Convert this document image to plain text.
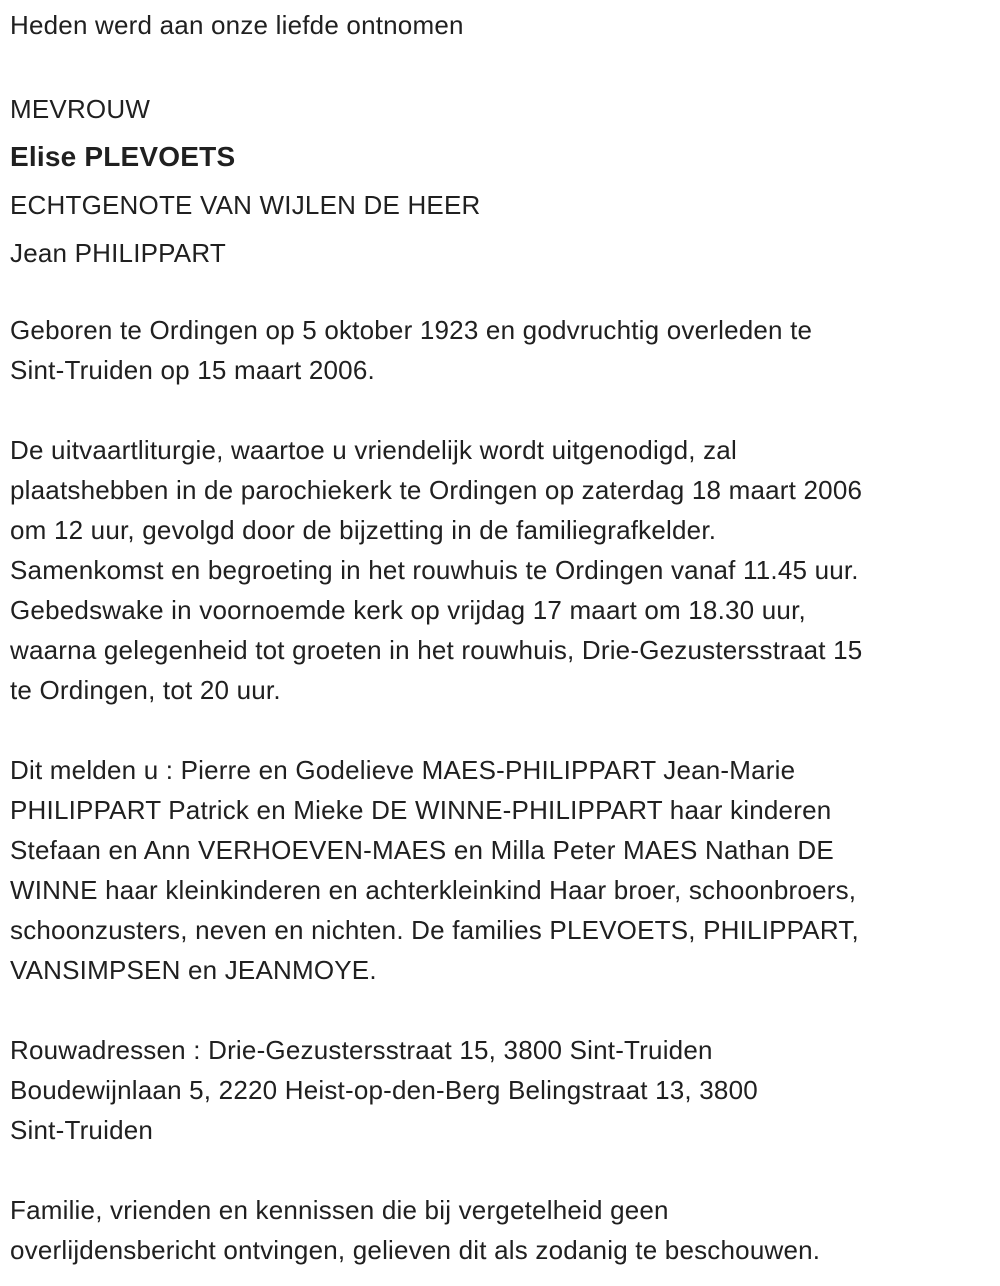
Heden werd aan onze liefde ontnomen
MEVROUW
Elise PLEVOETS
ECHTGENOTE VAN WIJLEN DE HEER
Jean PHILIPPART
Geboren te Ordingen op 5 oktober 1923 en godvruchtig overleden te
Sint-Truiden op 15 maart 2006.
De uitvaartliturgie, waartoe u vriendelijk wordt uitgenodigd, zal
plaatshebben in de parochiekerk te Ordingen op zaterdag 18 maart 2006
om 12 uur, gevolgd door de bijzetting in de familiegrafkelder.
Samenkomst en begroeting in het rouwhuis te Ordingen vanaf 11.45 uur.
Gebedswake in voornoemde kerk op vrijdag 17 maart om 18.30 uur,
waarna gelegenheid tot groeten in het rouwhuis, Drie-Gezustersstraat 15
te Ordingen, tot 20 uur.
Dit melden u : Pierre en Godelieve MAES-PHILIPPART Jean-Marie
PHILIPPART Patrick en Mieke DE WINNE-PHILIPPART haar kinderen
Stefaan en Ann VERHOEVEN-MAES en Milla Peter MAES Nathan DE
WINNE haar kleinkinderen en achterkleinkind Haar broer, schoonbroers,
schoonzusters, neven en nichten. De families PLEVOETS, PHILIPPART,
VANSIMPSEN en JEANMOYE.
Rouwadressen : Drie-Gezustersstraat 15, 3800 Sint-Truiden
Boudewijnlaan 5, 2220 Heist-op-den-Berg Belingstraat 13, 3800
Sint-Truiden
Familie, vrienden en kennissen die bij vergetelheid geen
overlijdensbericht ontvingen, gelieven dit als zodanig te beschouwen.
